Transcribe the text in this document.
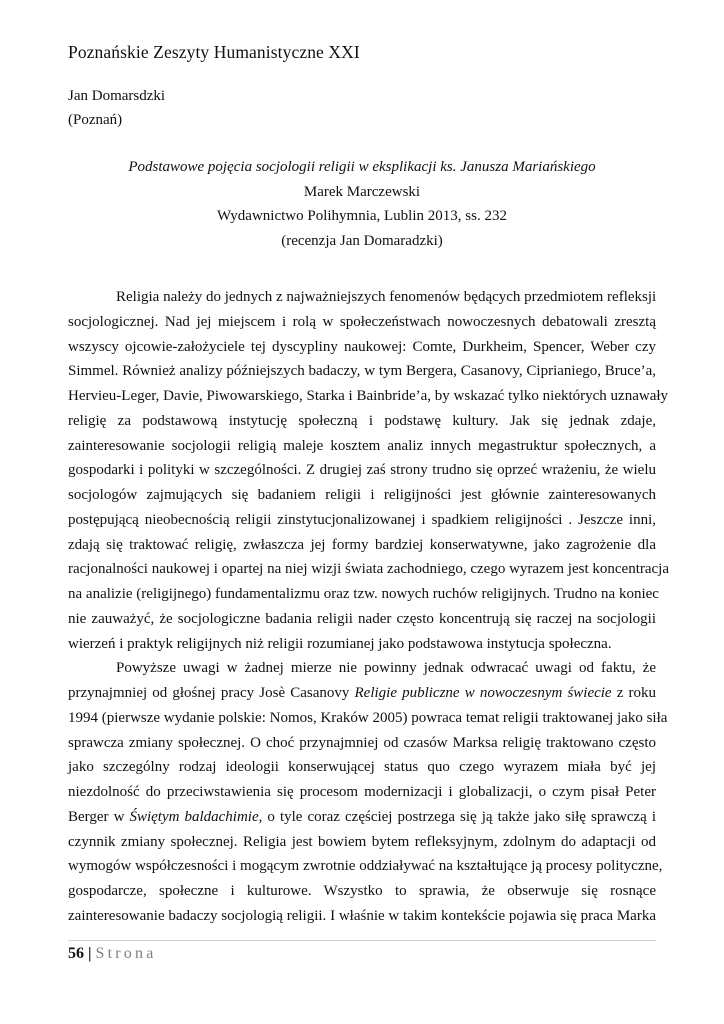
Poznańskie Zeszyty Humanistyczne XXI
Jan Domarsdzki
(Poznań)
Podstawowe pojęcia socjologii religii w eksplikacji ks. Janusza Mariańskiego
Marek Marczewski
Wydawnictwo Polihymnia, Lublin 2013, ss. 232
(recenzja Jan Domaradzki)

Religia należy do jednych z najważniejszych fenomenów będących przedmiotem refleksji
socjologicznej. Nad jej miejscem i rolą w społeczeństwach nowoczesnych debatowali zresztą
wszyscy ojcowie-założyciele tej dyscypliny naukowej: Comte, Durkheim, Spencer, Weber czy
Simmel. Również analizy późniejszych badaczy, w tym Bergera, Casanovy, Ciprianiego, Bruce’a,
Hervieu-Leger, Davie, Piwowarskiego, Starka i Bainbride’a, by wskazać tylko niektórych uznawały
religię za podstawową instytucję społeczną i podstawę kultury. Jak się jednak zdaje,
zainteresowanie socjologii religią maleje kosztem analiz innych megastruktur społecznych, a
gospodarki i polityki w szczególności. Z drugiej zaś strony trudno się oprzeć wrażeniu, że wielu
socjologów zajmujących się badaniem religii i religijności jest głównie zainteresowanych
postępującą nieobecnością religii zinstytucjonalizowanej i spadkiem religijności . Jeszcze inni,
zdają się traktować religię, zwłaszcza jej formy bardziej konserwatywne, jako zagrożenie dla
racjonalności naukowej i opartej na niej wizji świata zachodniego, czego wyrazem jest koncentracja
na analizie (religijnego) fundamentalizmu oraz tzw. nowych ruchów religijnych. Trudno na koniec
nie zauważyć, że socjologiczne badania religii nader często koncentrują się raczej na socjologii
wierzeń i praktyk religijnych niż religii rozumianej jako podstawowa instytucja społeczna.

Powyższe uwagi w żadnej mierze nie powinny jednak odwracać uwagi od faktu, że
przynajmniej od głośnej pracy Josè Casanovy Religie publiczne w nowoczesnym świecie z roku
1994 (pierwsze wydanie polskie: Nomos, Kraków 2005) powraca temat religii traktowanej jako siła
sprawcza zmiany społecznej. O choć przynajmniej od czasów Marksa religię traktowano często
jako szczególny rodzaj ideologii konserwującej status quo czego wyrazem miała być jej
niezdolność do przeciwstawienia się procesom modernizacji i globalizacji, o czym pisał Peter
Berger w Świętym baldachimie, o tyle coraz częściej postrzega się ją także jako siłę sprawczą i
czynnik zmiany społecznej. Religia jest bowiem bytem refleksyjnym, zdolnym do adaptacji od
wymogów współczesności i mogącym zwrotnie oddziaływać na kształtujące ją procesy polityczne,
gospodarcze, społeczne i kulturowe. Wszystko to sprawia, że obserwuje się rosnące
zainteresowanie badaczy socjologią religii. I właśnie w takim kontekście pojawia się praca Marka

56 | Strona
